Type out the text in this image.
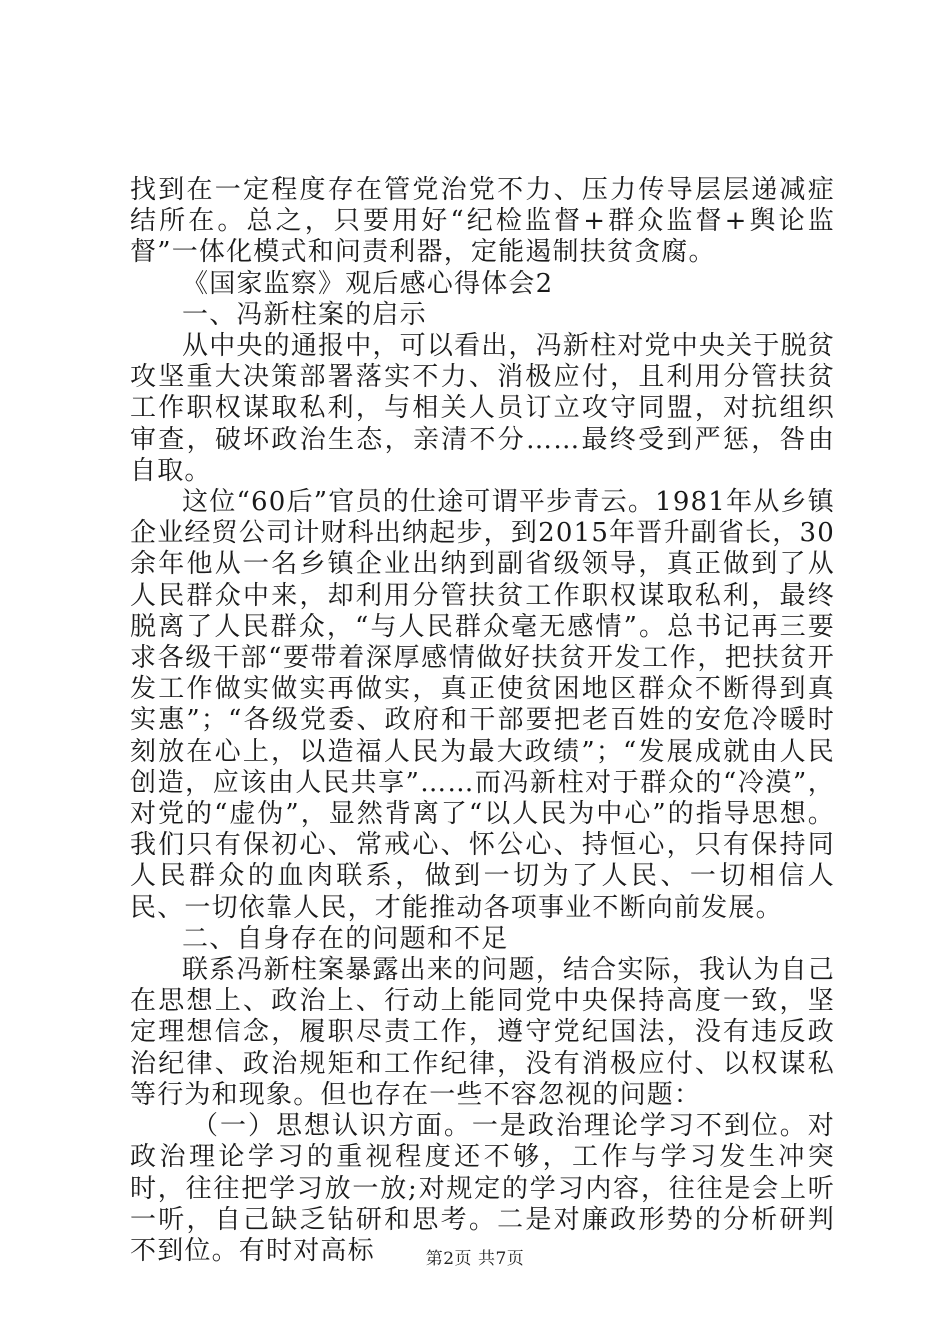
找到在一定程度存在管党治党不力、压力传导层层递减症结所在。总之，只要用好“纪检监督+群众监督+舆论监督”一体化模式和问责利器，定能遏制扶贫贪腐。

《国家监察》观后感心得体会2

一、冯新柱案的启示

从中央的通报中，可以看出，冯新柱对党中央关于脱贫攻坚重大决策部署落实不力、消极应付，且利用分管扶贫工作职权谋取私利，与相关人员订立攻守同盟，对抗组织审查，破坏政治生态，亲清不分……最终受到严惩，咎由自取。

这位“60后”官员的仕途可谓平步青云。1981年从乡镇企业经贸公司计财科出纳起步，到2015年晋升副省长，30余年他从一名乡镇企业出纳到副省级领导，真正做到了从人民群众中来，却利用分管扶贫工作职权谋取私利，最终脱离了人民群众，“与人民群众毫无感情”。总书记再三要求各级干部“要带着深厚感情做好扶贫开发工作，把扶贫开发工作做实做实再做实，真正使贫困地区群众不断得到真实惠”；“各级党委、政府和干部要把老百姓的安危冷暖时刻放在心上，以造福人民为最大政绩”；“发展成就由人民创造，应该由人民共享”……而冯新柱对于群众的“冷漠”，对党的“虚伪”，显然背离了“以人民为中心”的指导思想。我们只有保初心、常戒心、怀公心、持恒心，只有保持同人民群众的血肉联系，做到一切为了人民、一切相信人民、一切依靠人民，才能推动各项事业不断向前发展。

二、自身存在的问题和不足

联系冯新柱案暴露出来的问题，结合实际，我认为自己在思想上、政治上、行动上能同党中央保持高度一致，坚定理想信念，履职尽责工作，遵守党纪国法，没有违反政治纪律、政治规矩和工作纪律，没有消极应付、以权谋私等行为和现象。但也存在一些不容忽视的问题：

（一）思想认识方面。一是政治理论学习不到位。对政治理论学习的重视程度还不够，工作与学习发生冲突时，往往把学习放一放;对规定的学习内容，往往是会上听一听，自己缺乏钻研和思考。二是对廉政形势的分析研判不到位。有时对高标	第2页 共7页
